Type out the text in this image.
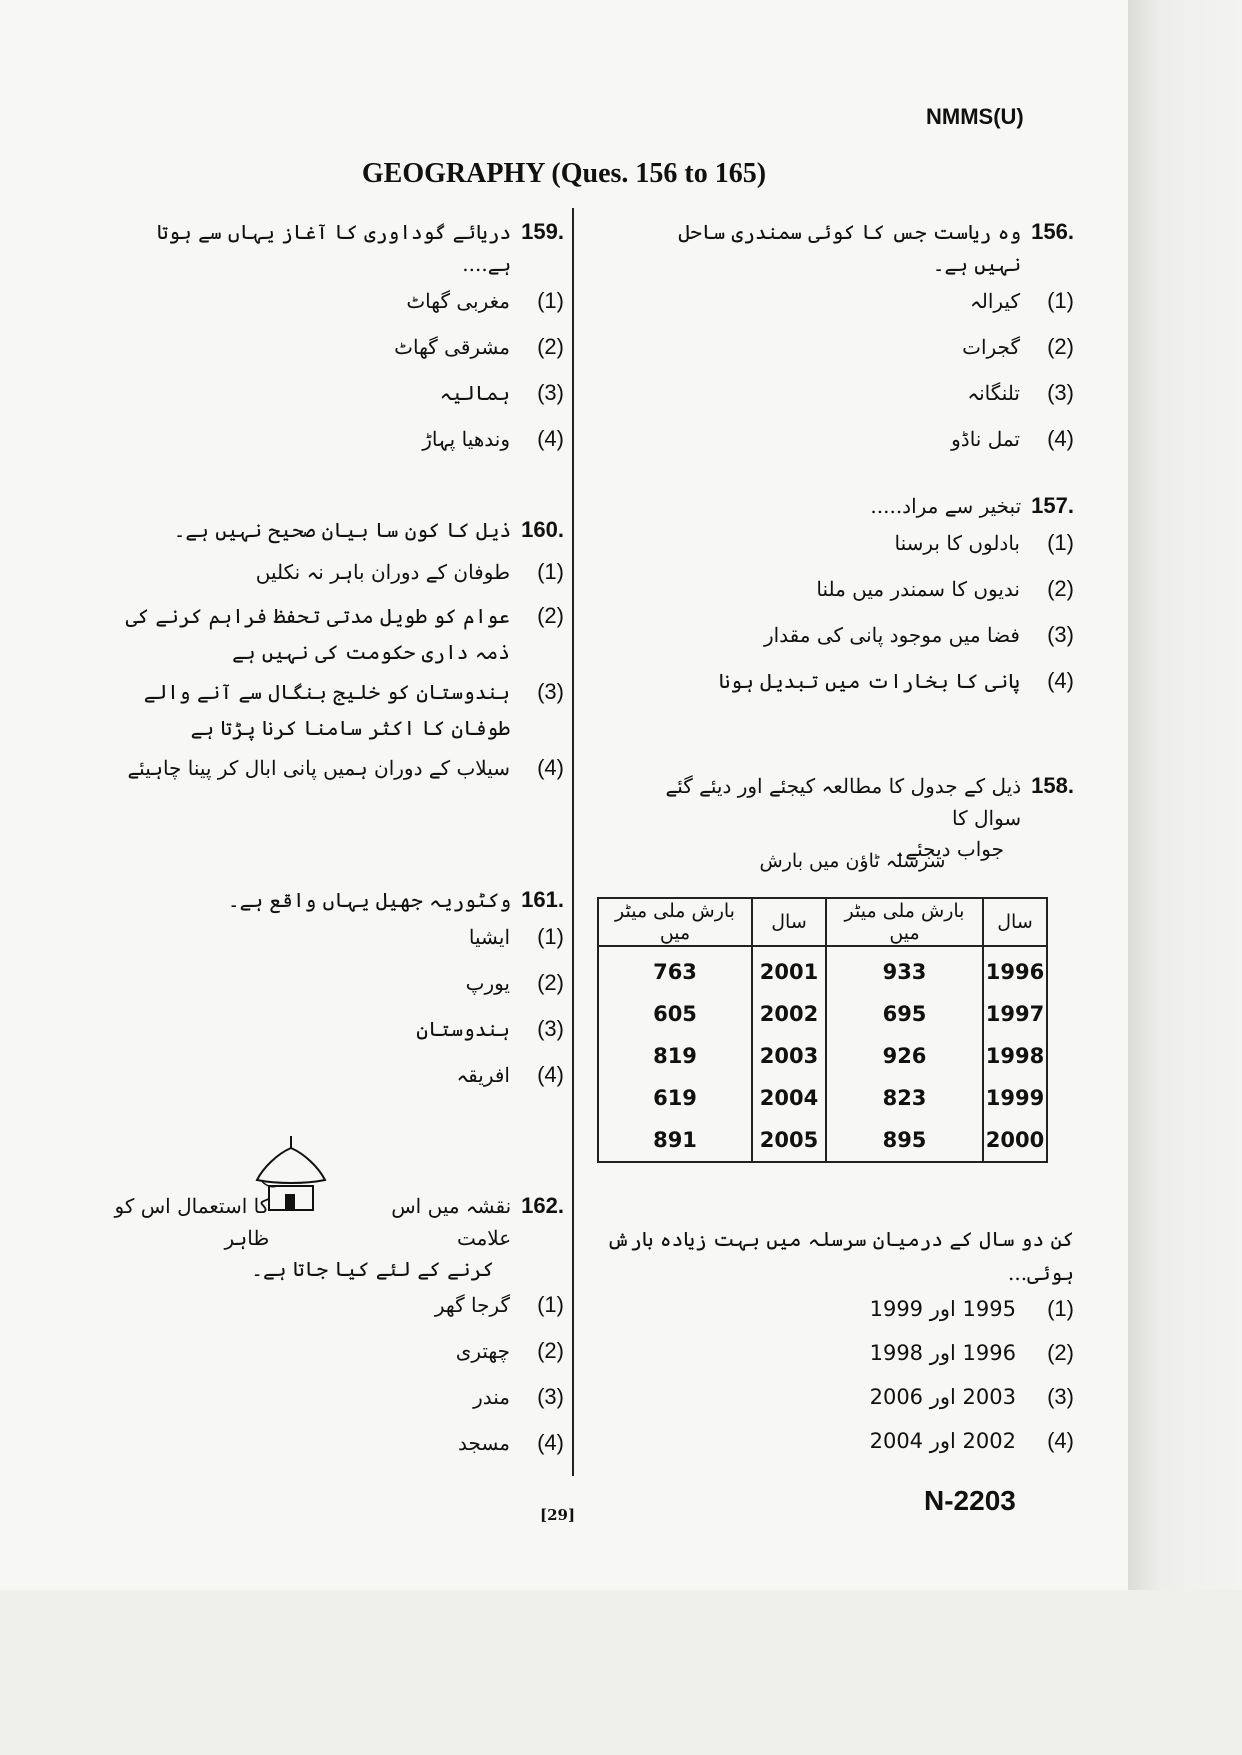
NMMS(U)
GEOGRAPHY (Ques. 156 to 165)
156.
وہ ریاست جس کا کوئی سمندری ساحل نہیں ہے۔
(1)
کیرالہ
(2)
گجرات
(3)
تلنگانہ
(4)
تمل ناڈو
157.
تبخیر سے مراد.....
(1)
بادلوں کا برسنا
(2)
ندیوں کا سمندر میں ملنا
(3)
فضا میں موجود پانی کی مقدار
(4)
پانی کا بخارات میں تبدیل ہونا
158.
ذیل کے جدول کا مطالعہ کیجئے اور دیئے گئے سوال کا
جواب دیجئے۔
سرسلہ ٹاؤن میں بارش
سال	بارش ملی میٹر میں	سال	بارش ملی میٹر میں
1996	933	2001	763
1997	695	2002	605
1998	926	2003	819
1999	823	2004	619
2000	895	2005	891
کن دو سال کے درمیان سرسلہ میں بہت زیادہ بارش ہوئی...
(1)
1995 اور 1999
(2)
1996 اور 1998
(3)
2003 اور 2006
(4)
2002 اور 2004
159.
دریائے گوداوری کا آغاز یہاں سے ہوتا ہے....
(1)
مغربی گھاٹ
(2)
مشرقی گھاٹ
(3)
ہمالیہ
(4)
وندھیا پہاڑ
160.
ذیل کا کون سا بیان صحیح نہیں ہے۔
(1)
طوفان کے دوران باہر نہ نکلیں
(2)
عوام کو طویل مدتی تحفظ فراہم کرنے کی ذمہ داری حکومت کی نہیں ہے
(3)
ہندوستان کو خلیج بنگال سے آنے والے طوفان کا اکثر سامنا کرنا پڑتا ہے
(4)
سیلاب کے دوران ہمیں پانی ابال کر پینا چاہیئے
161.
وکٹوریہ جھیل یہاں واقع ہے۔
(1)
ایشیا
(2)
یورپ
(3)
ہندوستان
(4)
افریقہ
162.
نقشہ میں اس علامت
کا استعمال اس کو ظاہر
کرنے کے لئے کیا جاتا ہے۔
(1)
گرجا گھر
(2)
چھتری
(3)
مندر
(4)
مسجد
[29]	N-2203
